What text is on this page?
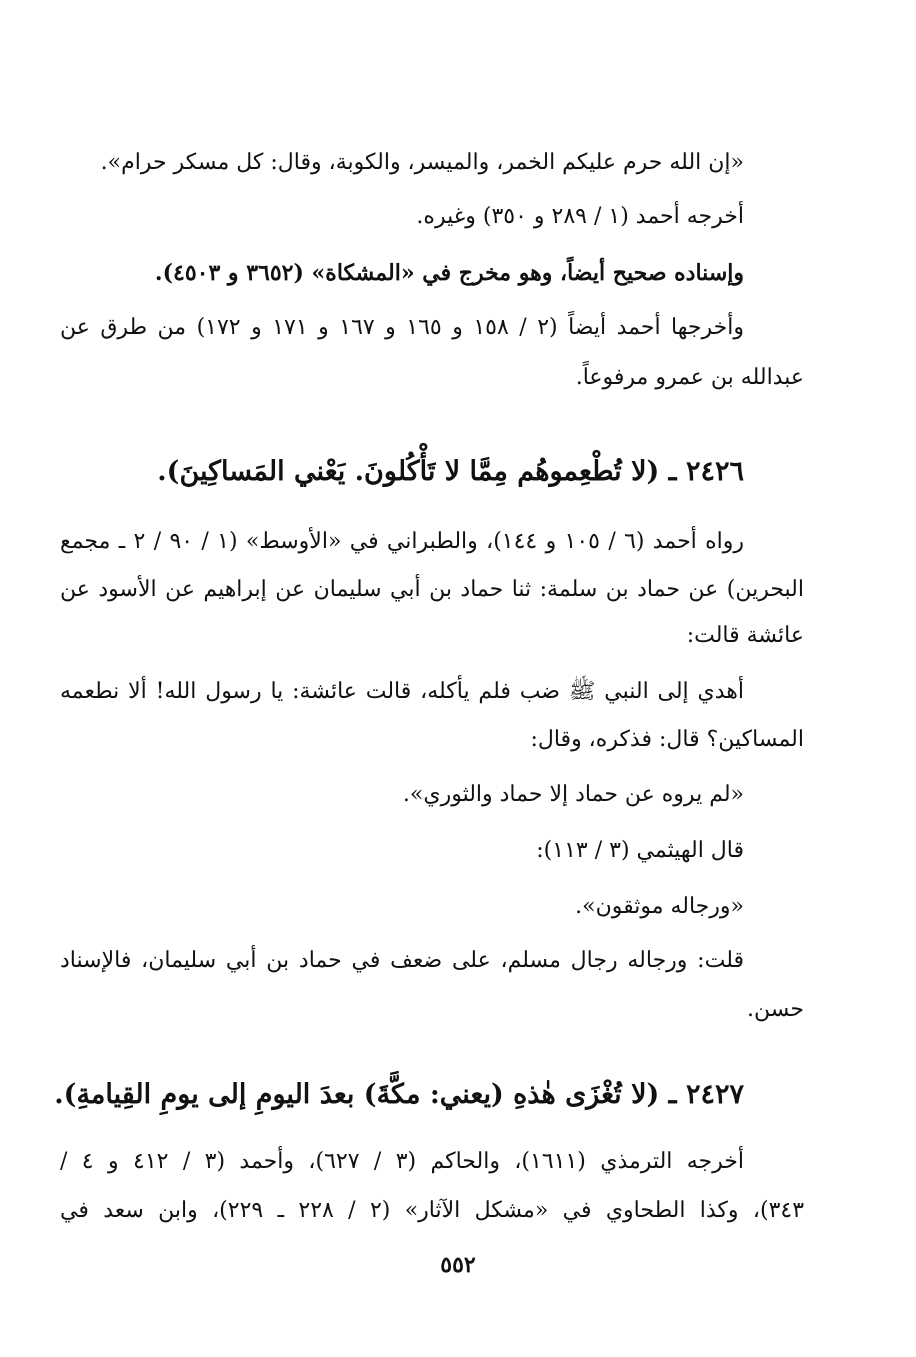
«إن الله حرم عليكم الخمر، والميسر، والكوبة، وقال: كل مسكر حرام».
أخرجه أحمد (١ / ٢٨٩ و ٣٥٠) وغيره.
وإسناده صحيح أيضاً، وهو مخرج في «المشكاة» (٣٦٥٢ و ٤٥٠٣).
وأخرجها أحمد أيضاً (٢ / ١٥٨ و ١٦٥ و ١٦٧ و ١٧١ و ١٧٢) من طرق عن
عبدالله بن عمرو مرفوعاً.
٢٤٢٦ ـ (لا تُطْعِموهُم مِمَّا لا تَأْكُلونَ. يَعْني المَساكِينَ).
رواه أحمد (٦ / ١٠٥ و ١٤٤)، والطبراني في «الأوسط» (١ / ٩٠ / ٢ ـ مجمع
البحرين) عن حماد بن سلمة: ثنا حماد بن أبي سليمان عن إبراهيم عن الأسود عن
عائشة قالت:
أهدي إلى النبي ﷺ ضب فلم يأكله، قالت عائشة: يا رسول الله! ألا نطعمه
المساكين؟ قال: فذكره، وقال:
«لم يروه عن حماد إلا حماد والثوري».
قال الهيثمي (٣ / ١١٣):
«ورجاله موثقون».
قلت: ورجاله رجال مسلم، على ضعف في حماد بن أبي سليمان، فالإسناد
حسن.
٢٤٢٧ ـ (لا تُغْزَى هٰذهِ (يعني: مكَّةَ) بعدَ اليومِ إلى يومِ القِيامةِ).
أخرجه الترمذي (١٦١١)، والحاكم (٣ / ٦٢٧)، وأحمد (٣ / ٤١٢ و ٤ /
٣٤٣)، وكذا الطحاوي في «مشكل الآثار» (٢ / ٢٢٨ ـ ٢٢٩)، وابن سعد في
٥٥٢
